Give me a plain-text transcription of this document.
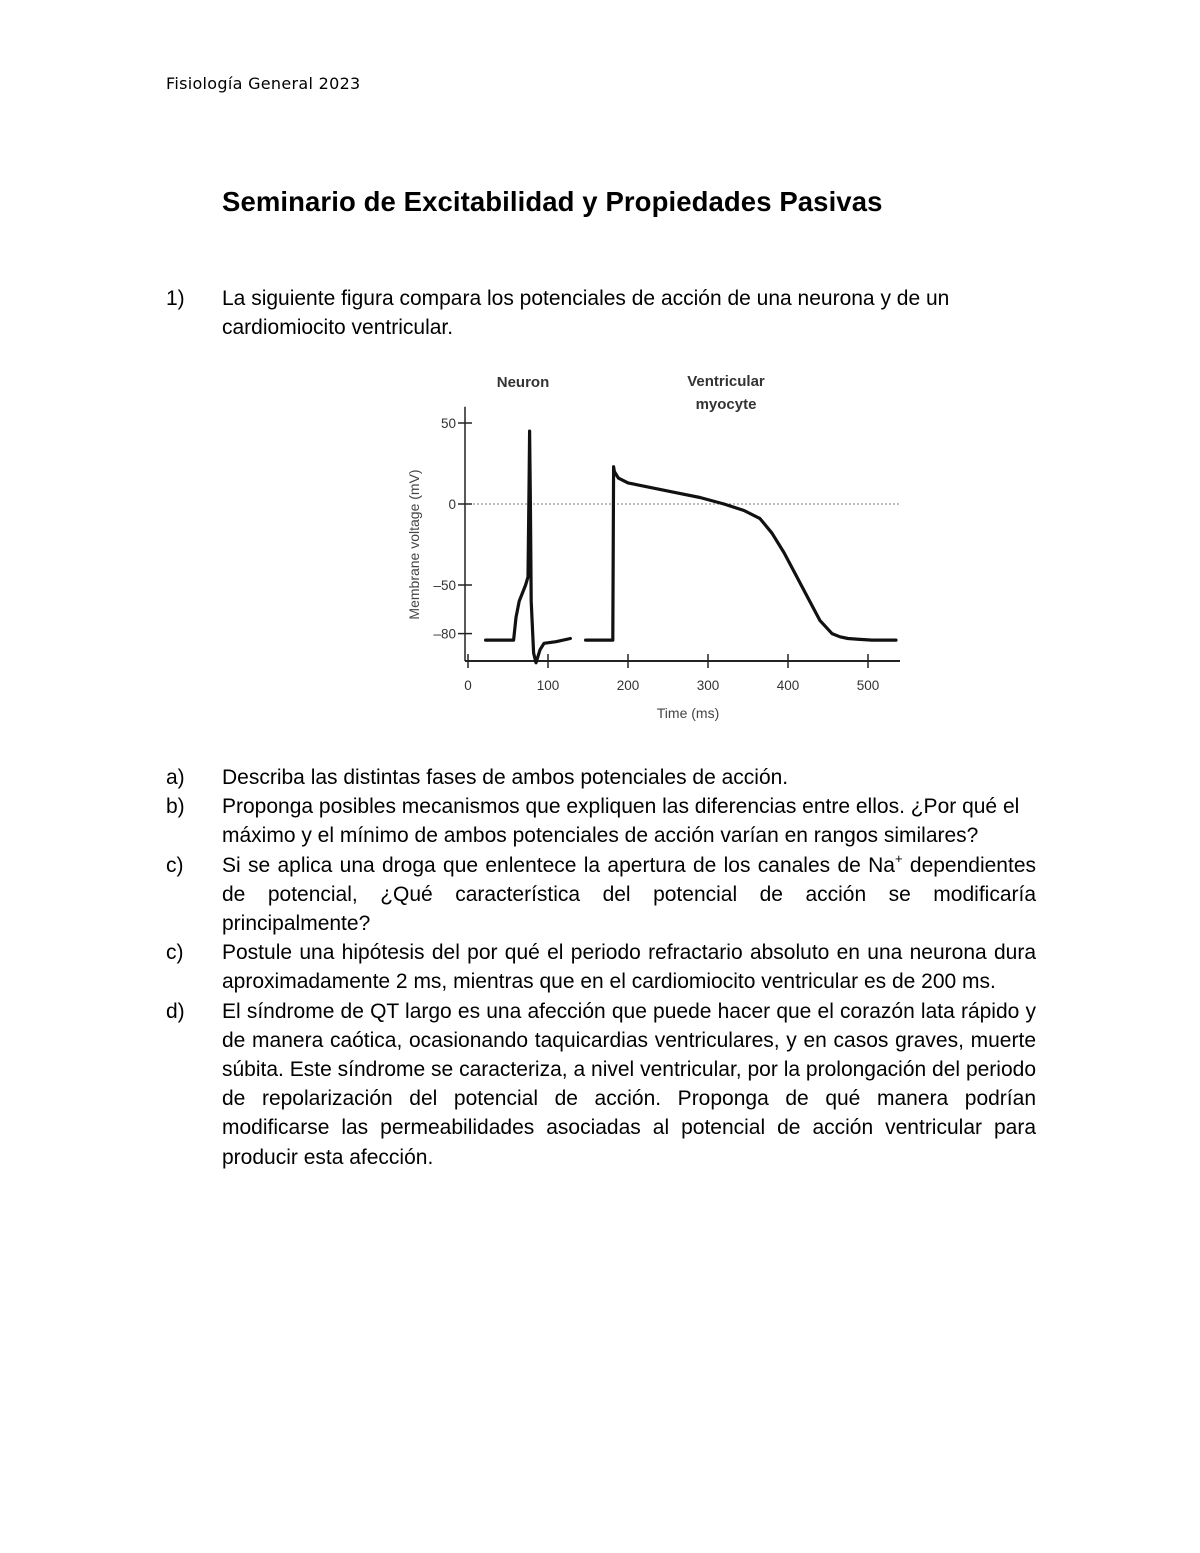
Fisiología General 2023
Seminario de Excitabilidad y Propiedades Pasivas
1) La siguiente figura compara los potenciales de acción de una neurona y de un cardiomiocito ventricular.
Neuron	Ventricular
myocyte
50
0
–50
–80
Membrane voltage (mV)
0	100	200	300	400	500
Time (ms)
a) Describa las distintas fases de ambos potenciales de acción.
b) Proponga posibles mecanismos que expliquen las diferencias entre ellos. ¿Por qué el máximo y el mínimo de ambos potenciales de acción varían en rangos similares?
c) Si se aplica una droga que enlentece la apertura de los canales de Na+ dependientes de potencial, ¿Qué característica del potencial de acción se modificaría principalmente?
c) Postule una hipótesis del por qué el periodo refractario absoluto en una neurona dura aproximadamente 2 ms, mientras que en el cardiomiocito ventricular es de 200 ms.
d) El síndrome de QT largo es una afección que puede hacer que el corazón lata rápido y de manera caótica, ocasionando taquicardias ventriculares, y en casos graves, muerte súbita. Este síndrome se caracteriza, a nivel ventricular, por la prolongación del periodo de repolarización del potencial de acción. Proponga de qué manera podrían modificarse las permeabilidades asociadas al potencial de acción ventricular para producir esta afección.
